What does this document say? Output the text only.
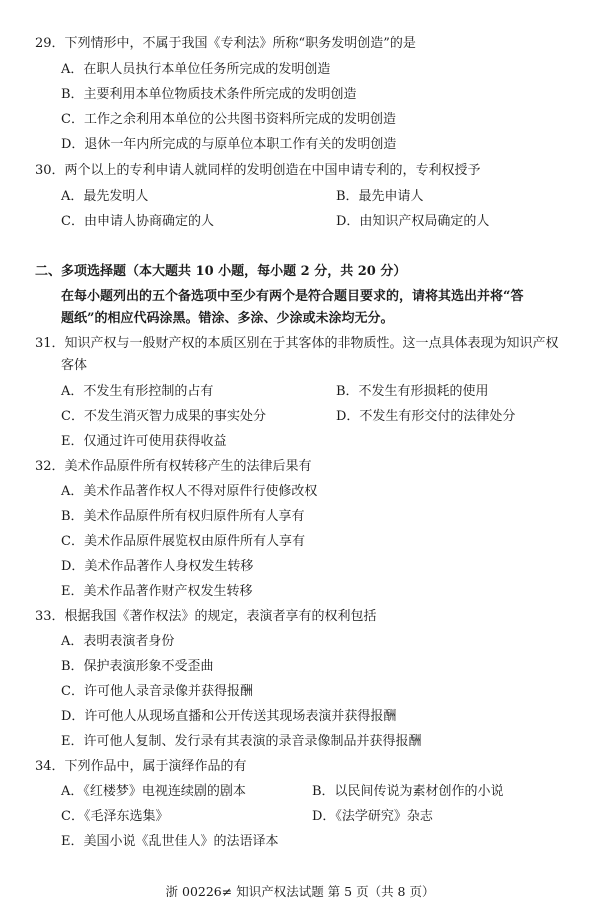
29．下列情形中，不属于我国《专利法》所称“职务发明创造”的是
A．在职人员执行本单位任务所完成的发明创造
B．主要利用本单位物质技术条件所完成的发明创造
C．工作之余利用本单位的公共图书资料所完成的发明创造
D．退休一年内所完成的与原单位本职工作有关的发明创造
30．两个以上的专利申请人就同样的发明创造在中国申请专利的，专利权授予
A．最先发明人	B．最先申请人
C．由申请人协商确定的人	D．由知识产权局确定的人
二、多项选择题（本大题共 10 小题，每小题 2 分，共 20 分）
在每小题列出的五个备选项中至少有两个是符合题目要求的，请将其选出并将“答
题纸”的相应代码涂黑。错涂、多涂、少涂或未涂均无分。
31．知识产权与一般财产权的本质区别在于其客体的非物质性。这一点具体表现为知识产权
客体
A．不发生有形控制的占有	B．不发生有形损耗的使用
C．不发生消灭智力成果的事实处分	D．不发生有形交付的法律处分
E．仅通过许可使用获得收益
32．美术作品原件所有权转移产生的法律后果有
A．美术作品著作权人不得对原件行使修改权
B．美术作品原件所有权归原件所有人享有
C．美术作品原件展览权由原件所有人享有
D．美术作品著作人身权发生转移
E．美术作品著作财产权发生转移
33．根据我国《著作权法》的规定，表演者享有的权利包括
A．表明表演者身份
B．保护表演形象不受歪曲
C．许可他人录音录像并获得报酬
D．许可他人从现场直播和公开传送其现场表演并获得报酬
E．许可他人复制、发行录有其表演的录音录像制品并获得报酬
34．下列作品中，属于演绎作品的有
A．《红楼梦》电视连续剧的剧本	B．以民间传说为素材创作的小说
C．《毛泽东选集》	D．《法学研究》杂志
E．美国小说《乱世佳人》的法语译本
浙 00226≠ 知识产权法试题 第 5 页（共 8 页）
